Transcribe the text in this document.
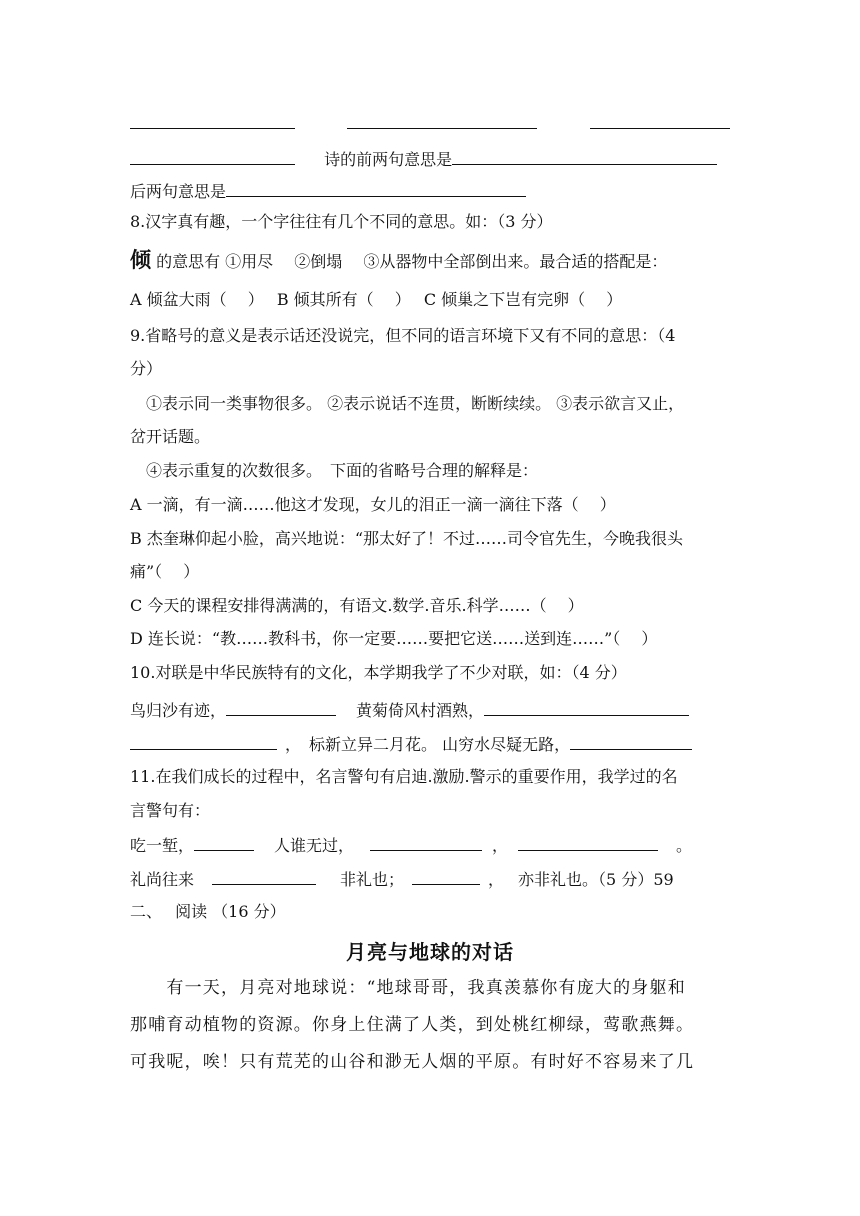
诗的前两句意思是
后两句意思是
8.汉字真有趣，一个字往往有几个不同的意思。如：（3 分）
倾 的意思有 ①用尽　 ②倒塌　 ③从器物中全部倒出来。最合适的搭配是：
A 倾盆大雨（　 ）　 B 倾其所有（　 ）　 C 倾巢之下岂有完卵（　 ）
9.省略号的意义是表示话还没说完，但不同的语言环境下又有不同的意思：（4
分）
①表示同一类事物很多。 ②表示说话不连贯，断断续续。 ③表示欲言又止，
岔开话题。
④表示重复的次数很多。　下面的省略号合理的解释是：
A 一滴，有一滴……他这才发现，女儿的泪正一滴一滴往下落（　 ）
B 杰奎琳仰起小脸，高兴地说：“那太好了！不过……司令官先生，今晚我很头
痛”（　 ）
C 今天的课程安排得满满的，有语文.数学.音乐.科学……（　 ）
D 连长说：“教……教科书，你一定要……要把它送……送到连……”（　 ）
10.对联是中华民族特有的文化，本学期我学了不少对联，如：（4 分）
鸟归沙有迹，	黄菊倚风村酒熟，
，　标新立异二月花。 山穷水尽疑无路，
11.在我们成长的过程中，名言警句有启迪.激励.警示的重要作用，我学过的名
言警句有：
吃一堑，	人谁无过，	，	。
礼尚往来	非礼也；	， 亦非礼也。（5 分）59
二、　 阅读 （16 分）
月亮与地球的对话
　　有一天，月亮对地球说：“地球哥哥，我真羡慕你有庞大的身躯和
那哺育动植物的资源。你身上住满了人类，到处桃红柳绿，莺歌燕舞。
可我呢，唉！只有荒芜的山谷和渺无人烟的平原。有时好不容易来了几
